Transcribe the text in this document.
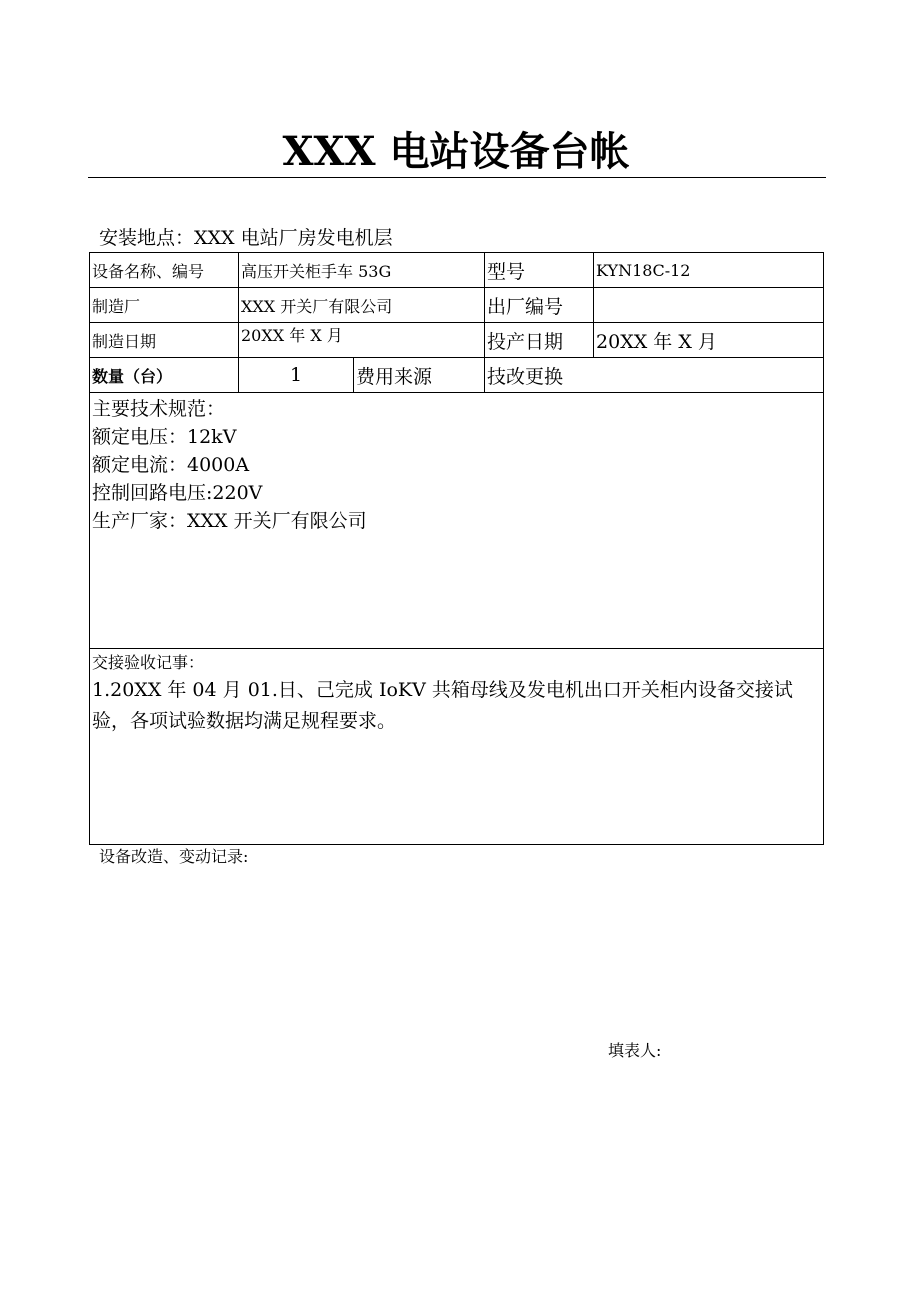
XXX 电站设备台帐
安装地点：XXX 电站厂房发电机层
设备名称、编号	高压开关柜手车 53G		型号	KYN18C-12
制造厂	XXX 开关厂有限公司		出厂编号	
制造日期	20XX 年 X 月		投产日期	20XX 年 X 月
数量（台）	1	费用来源	技改更换	

主要技术规范：
额定电压：12kV
额定电流：4000A
控制回路电压:220V
生产厂家：XXX 开关厂有限公司				

交接验收记事：
1.20XX 年 04 月 01.日、己完成 IoKV 共箱母线及发电机出口开关柜内设备交接试验，各项试验数据均满足规程要求。				
设备改造、变动记录:
填表人:
